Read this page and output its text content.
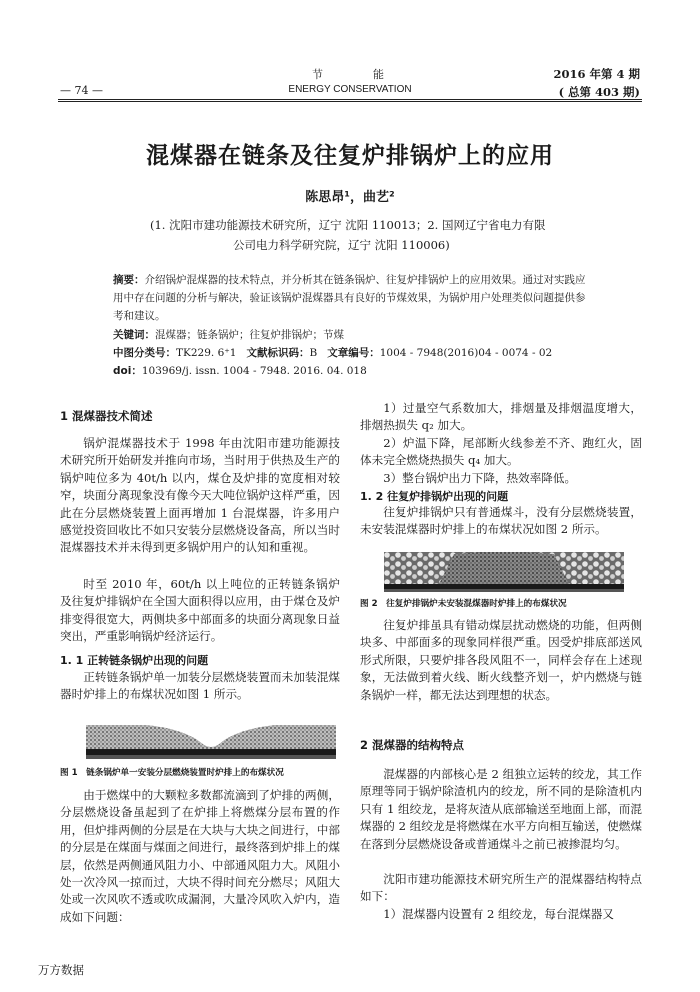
节	能
ENERGY CONSERVATION
— 74 —
2016 年第 4 期
( 总第 403 期)
混煤器在链条及往复炉排锅炉上的应用
陈思昂¹，曲艺²
(1. 沈阳市建功能源技术研究所，辽宁 沈阳 110013；2. 国网辽宁省电力有限
公司电力科学研究院，辽宁 沈阳 110006)
摘要：介绍锅炉混煤器的技术特点，并分析其在链条锅炉、往复炉排锅炉上的应用效果。通过对实践应用中存在问题的分析与解决，验证该锅炉混煤器具有良好的节煤效果，为锅炉用户处理类似问题提供参考和建议。
关键词：混煤器；链条锅炉；往复炉排锅炉；节煤
中图分类号：TK229. 6⁺1 文献标识码：B 文章编号：1004 - 7948(2016)04 - 0074 - 02
doi：103969/j. issn. 1004 - 7948. 2016. 04. 018
1 混煤器技术简述
锅炉混煤器技术于 1998 年由沈阳市建功能源技术研究所开始研发并推向市场，当时用于供热及生产的锅炉吨位多为 40t/h 以内，煤仓及炉排的宽度相对较窄，块面分离现象没有像今天大吨位锅炉这样严重，因此在分层燃烧装置上面再增加 1 台混煤器，许多用户感觉投资回收比不如只安装分层燃烧设备高，所以当时混煤器技术并未得到更多锅炉用户的认知和重视。
时至 2010 年，60t/h 以上吨位的正转链条锅炉及往复炉排锅炉在全国大面积得以应用，由于煤仓及炉排变得很宽大，两侧块多中部面多的块面分离现象日益突出，严重影响锅炉经济运行。
1. 1 正转链条锅炉出现的问题
正转链条锅炉单一加装分层燃烧装置而未加装混煤器时炉排上的布煤状况如图 1 所示。
图 1　链条锅炉单一安装分层燃烧装置时炉排上的布煤状况
由于燃煤中的大颗粒多数都流滴到了炉排的两侧，分层燃烧设备虽起到了在炉排上将燃煤分层布置的作用，但炉排两侧的分层是在大块与大块之间进行，中部的分层是在煤面与煤面之间进行，最终落到炉排上的煤层，依然是两侧通风阻力小、中部通风阻力大。风阻小处一次冷风一掠而过，大块不得时间充分燃尽；风阻大处或一次风吹不透或吹成漏洞，大量冷风吹入炉内，造成如下问题：
1）过量空气系数加大，排烟量及排烟温度增大，排烟热损失 q₂ 加大。
2）炉温下降，尾部断火线参差不齐、跑红火，固体未完全燃烧热损失 q₄ 加大。
3）整台锅炉出力下降，热效率降低。
1. 2 往复炉排锅炉出现的问题
往复炉排锅炉只有普通煤斗，没有分层燃烧装置，未安装混煤器时炉排上的布煤状况如图 2 所示。
图 2　往复炉排锅炉未安装混煤器时炉排上的布煤状况
往复炉排虽具有错动煤层扰动燃烧的功能，但两侧块多、中部面多的现象同样很严重。因受炉排底部送风形式所限，只要炉排各段风阻不一，同样会存在上述现象，无法做到着火线、断火线整齐划一，炉内燃烧与链条锅炉一样，都无法达到理想的状态。
2 混煤器的结构特点
混煤器的内部核心是 2 组独立运转的绞龙，其工作原理等同于锅炉除渣机内的绞龙，所不同的是除渣机内只有 1 组绞龙，是将灰渣从底部输送至地面上部，而混煤器的 2 组绞龙是将燃煤在水平方向相互输送，使燃煤在落到分层燃烧设备或普通煤斗之前已被掺混均匀。
沈阳市建功能源技术研究所生产的混煤器结构特点如下：
1）混煤器内设置有 2 组绞龙，每台混煤器又
万方数据
